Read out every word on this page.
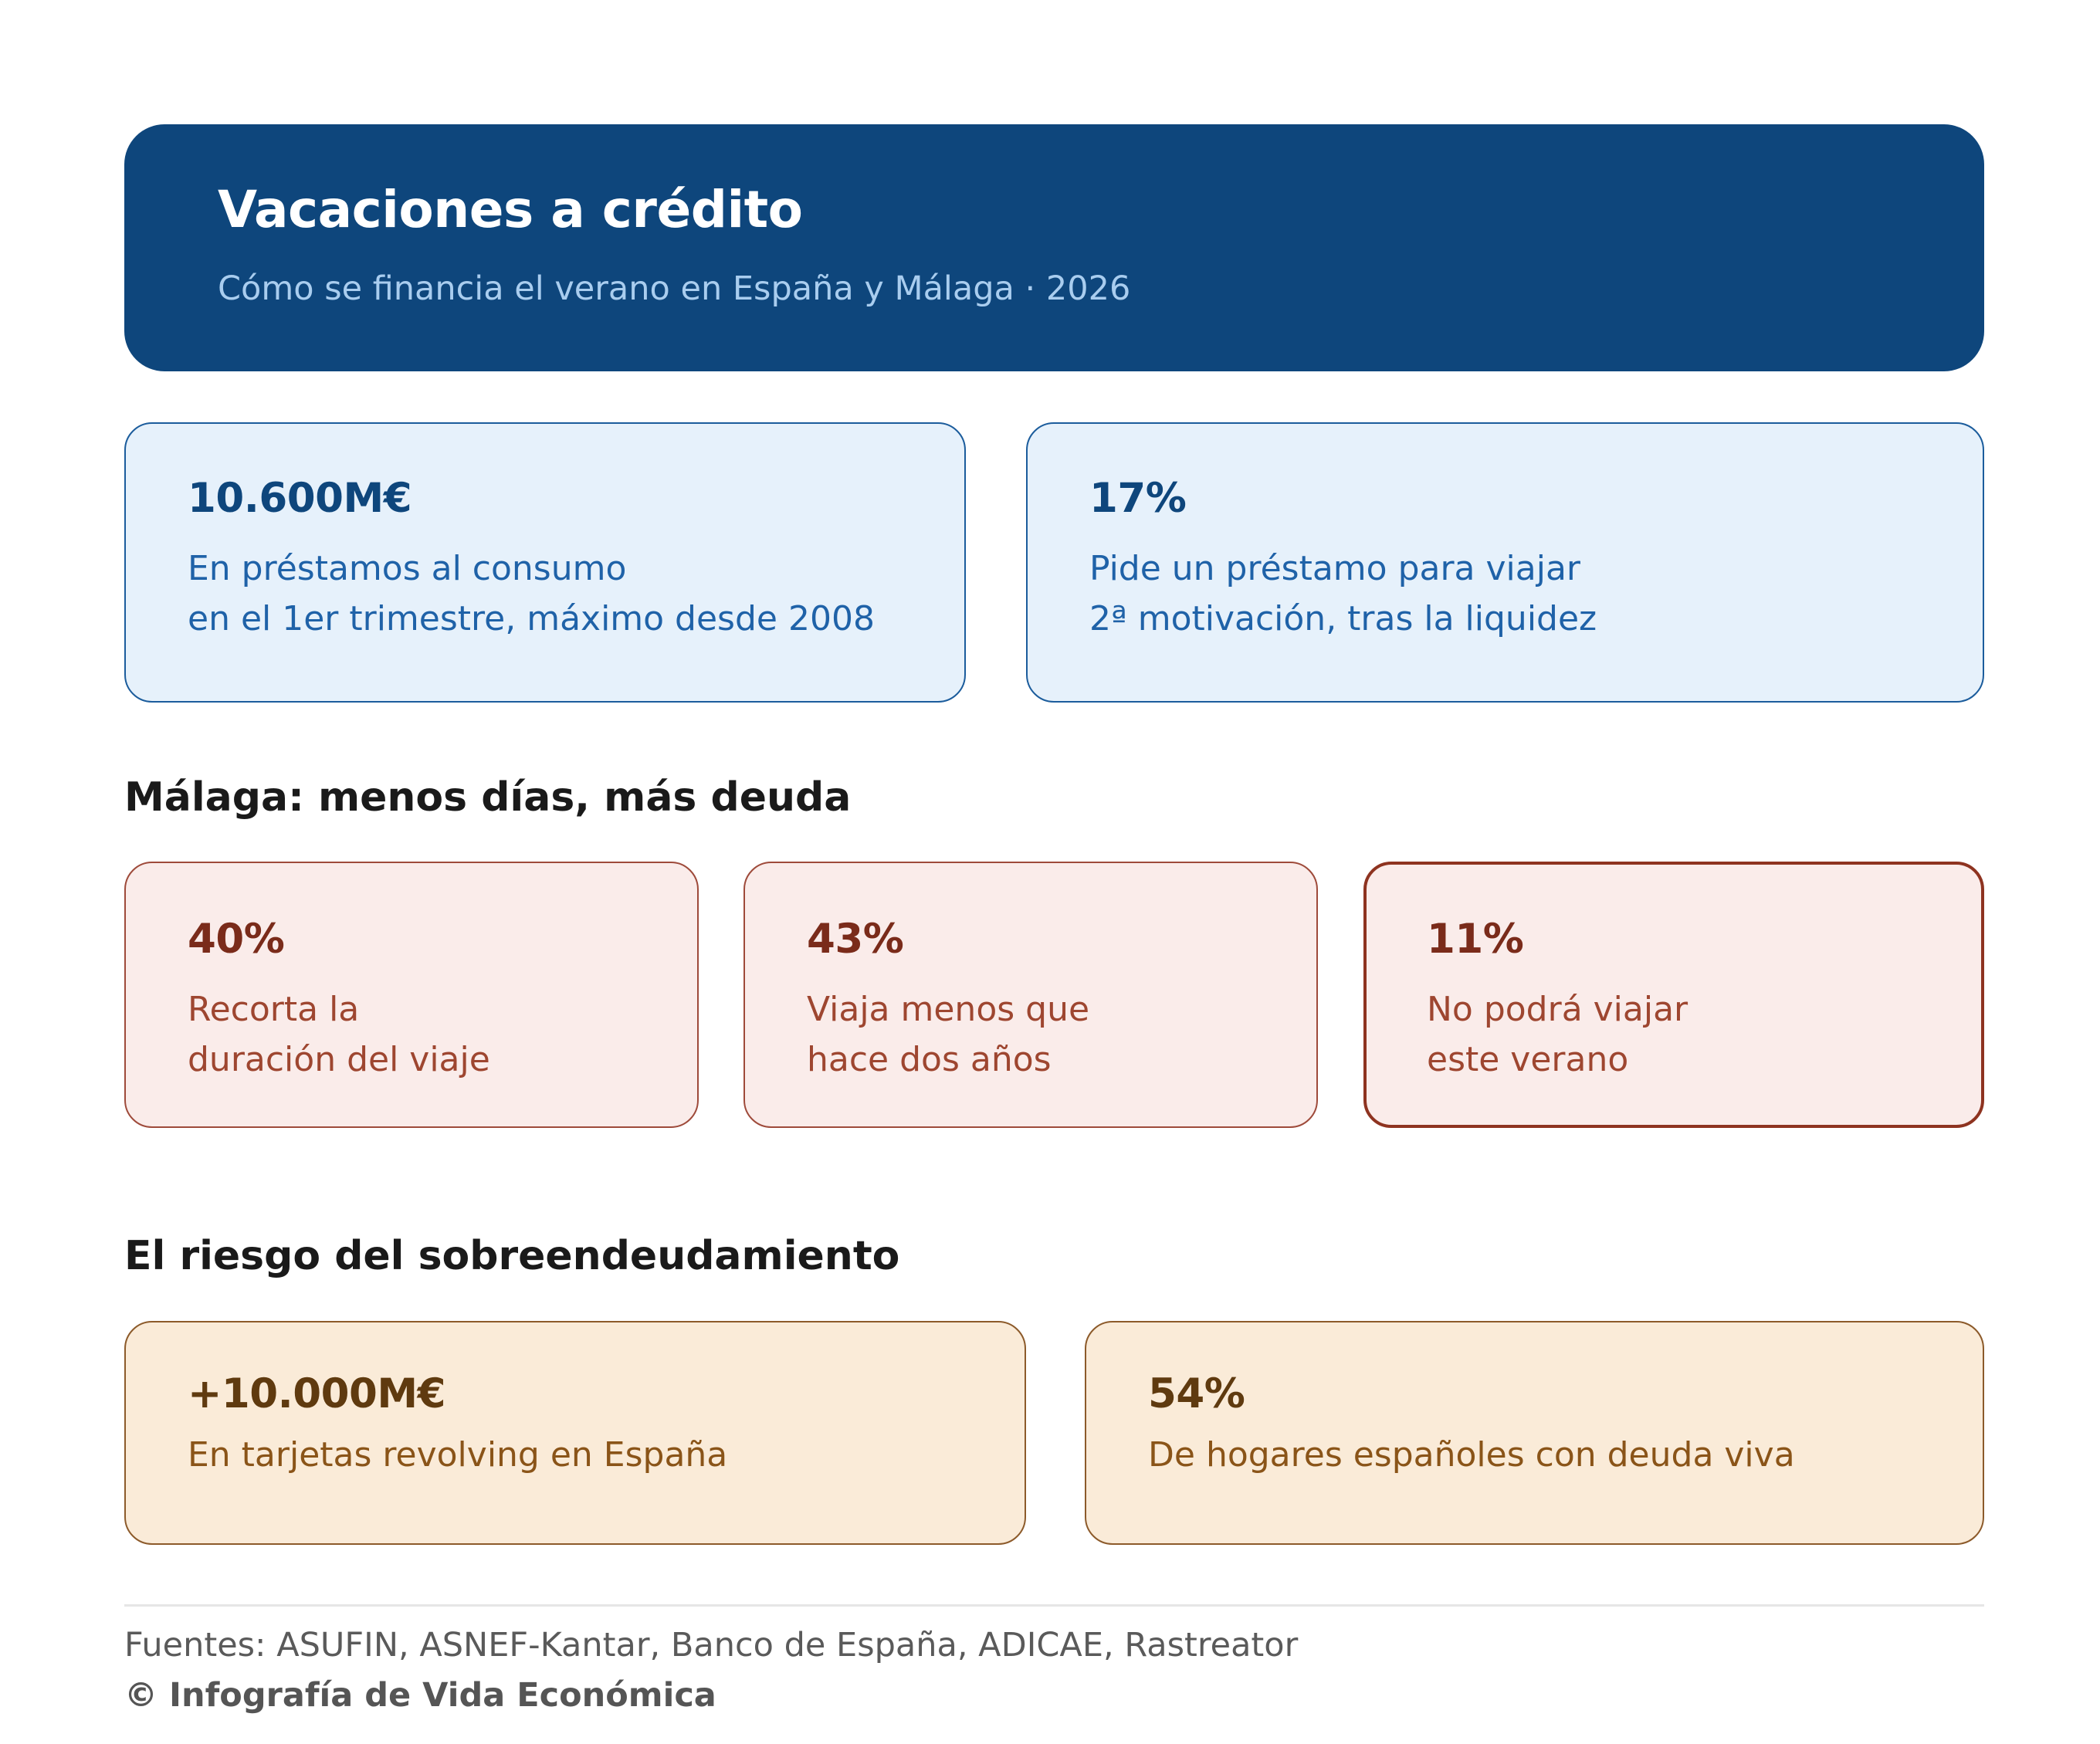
Vacaciones a crédito
Cómo se financia el verano en España y Málaga · 2026
10.600M€
En préstamos al consumo
en el 1er trimestre, máximo desde 2008
17%
Pide un préstamo para viajar
2ª motivación, tras la liquidez
Málaga: menos días, más deuda
40%
Recorta la
duración del viaje
43%
Viaja menos que
hace dos años
11%
No podrá viajar
este verano
El riesgo del sobreendeudamiento
+10.000M€
En tarjetas revolving en España
54%
De hogares españoles con deuda viva
Fuentes: ASUFIN, ASNEF-Kantar, Banco de España, ADICAE, Rastreator
© Infografía de Vida Económica
